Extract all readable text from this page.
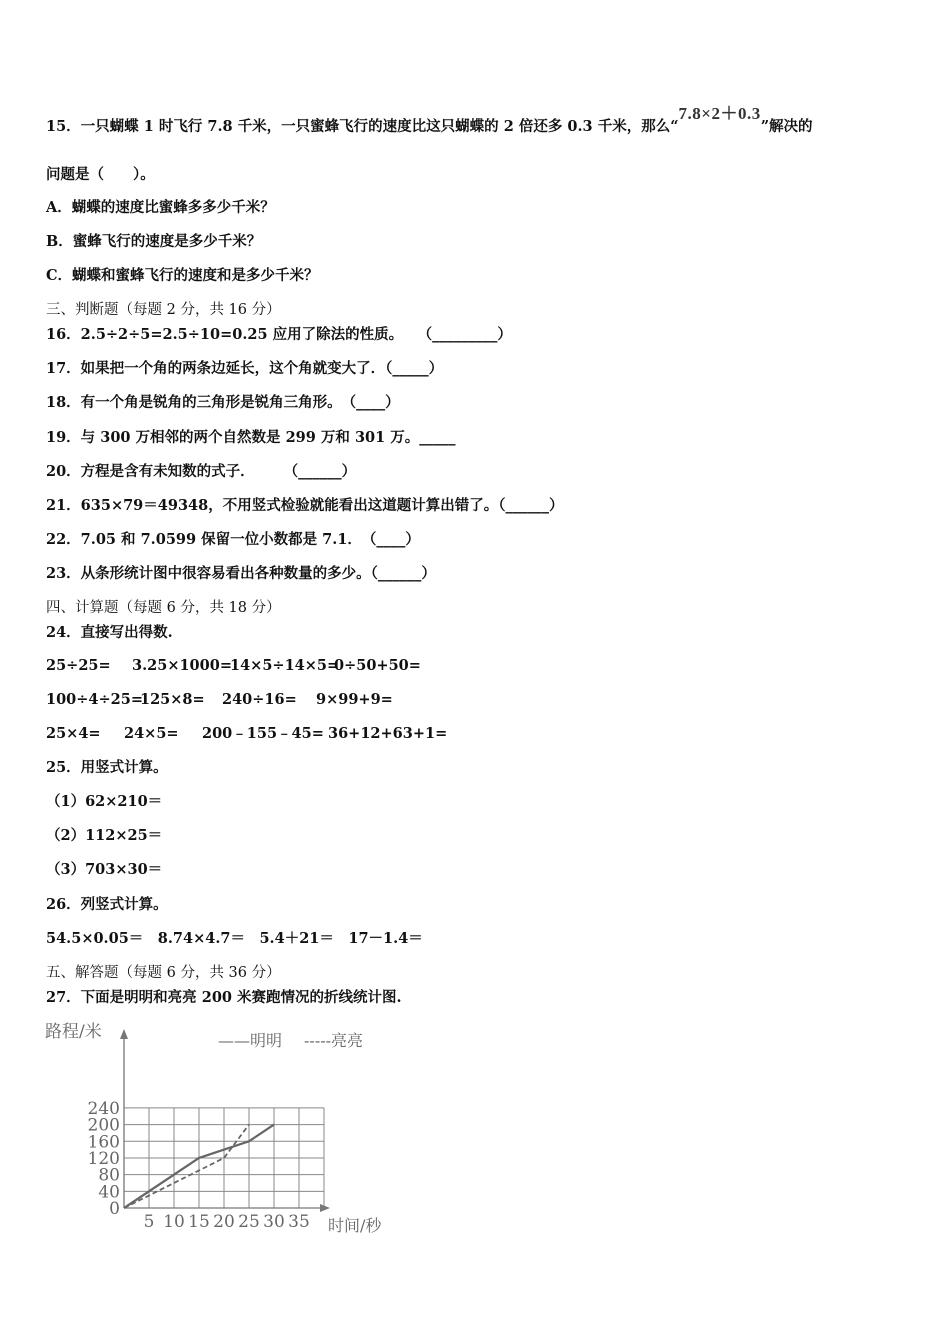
15．一只蝴蝶 1 时飞行 7.8 千米，一只蜜蜂飞行的速度比这只蝴蝶的 2 倍还多 0.3 千米，那么“7.8×2＋0.3”解决的
问题是（　　）。
A．蝴蝶的速度比蜜蜂多多少千米？
B．蜜蜂飞行的速度是多少千米？
C．蝴蝶和蜜蜂飞行的速度和是多少千米？
三、判断题（每题 2 分，共 16 分）
16．2.5÷2÷5=2.5÷10=0.25 应用了除法的性质。　　（_________）
17．如果把一个角的两条边延长，这个角就变大了．（_____）
18．有一个角是锐角的三角形是锐角三角形。　（____）
19．与 300 万相邻的两个自然数是 299 万和 301 万。_____
20．方程是含有未知数的式子．　　　（______）
21．635×79＝49348，不用竖式检验就能看出这道题计算出错了。（______）
22．7.05 和 7.0599 保留一位小数都是 7.1．　（____）
23．从条形统计图中很容易看出各种数量的多少。（______）
四、计算题（每题 6 分，共 18 分）
24．直接写出得数.
25÷25= 3.25×1000=14×5÷14×5=0÷50+50=
100÷4÷25=125×8= 240÷16= 9×99+9=
25×4= 24×5= 200﹣155﹣45= 36+12+63+1=
25．用竖式计算。
（1）62×210＝
（2）112×25＝
（3）703×30＝
26．列竖式计算。
54.5×0.05＝　8.74×4.7＝　5.4＋21＝　17－1.4＝
五、解答题（每题 6 分，共 36 分）
27．下面是明明和亮亮 200 米赛跑情况的折线统计图.
路程/米	——明明 -----亮亮
时间/秒
0
40
80
120
160
200
240
5 10 15 20 25 30 35
